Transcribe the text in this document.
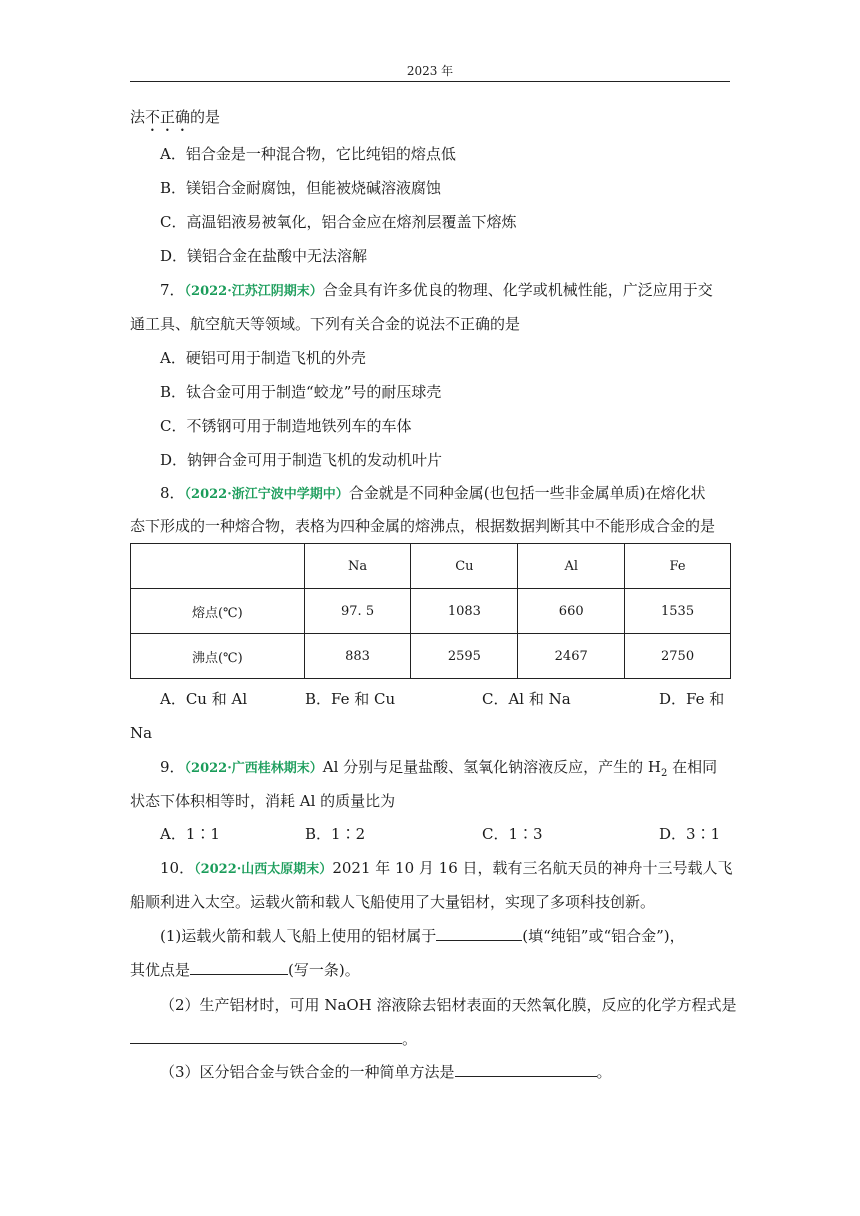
2023 年
法不正确的是
A．铝合金是一种混合物，它比纯铝的熔点低
B．镁铝合金耐腐蚀，但能被烧碱溶液腐蚀
C．高温铝液易被氧化，铝合金应在熔剂层覆盖下熔炼
D．镁铝合金在盐酸中无法溶解
7．（2022·江苏江阴期末）合金具有许多优良的物理、化学或机械性能，广泛应用于交
通工具、航空航天等领域。下列有关合金的说法不正确的是
A．硬铝可用于制造飞机的外壳
B．钛合金可用于制造“蛟龙”号的耐压球壳
C．不锈钢可用于制造地铁列车的车体
D．钠钾合金可用于制造飞机的发动机叶片
8．（2022·浙江宁波中学期中）合金就是不同种金属(也包括一些非金属单质)在熔化状
态下形成的一种熔合物，表格为四种金属的熔沸点，根据数据判断其中不能形成合金的是
	Na	Cu	Al	Fe
熔点(℃)	97. 5	1083	660	1535
沸点(℃)	883	2595	2467	2750
A．Cu 和 Al	B．Fe 和 Cu	C．Al 和 Na	D．Fe 和
Na
9．（2022·广西桂林期末）Al 分别与足量盐酸、氢氧化钠溶液反应，产生的 $H_2$ 在相同
状态下体积相等时，消耗 Al 的质量比为
A．1∶1	B．1∶2	C．1∶3	D．3∶1
10．（2022·山西太原期末）2021 年 10 月 16 日，载有三名航天员的神舟十三号载人飞
船顺利进入太空。运载火箭和载人飞船使用了大量铝材，实现了多项科技创新。
(1)运载火箭和载人飞船上使用的铝材属于	(填“纯铝”或“铝合金”)，
其优点是	(写一条)。
（2）生产铝材时，可用 NaOH 溶液除去铝材表面的天然氧化膜，反应的化学方程式是
。
（3）区分铝合金与铁合金的一种简单方法是	。
